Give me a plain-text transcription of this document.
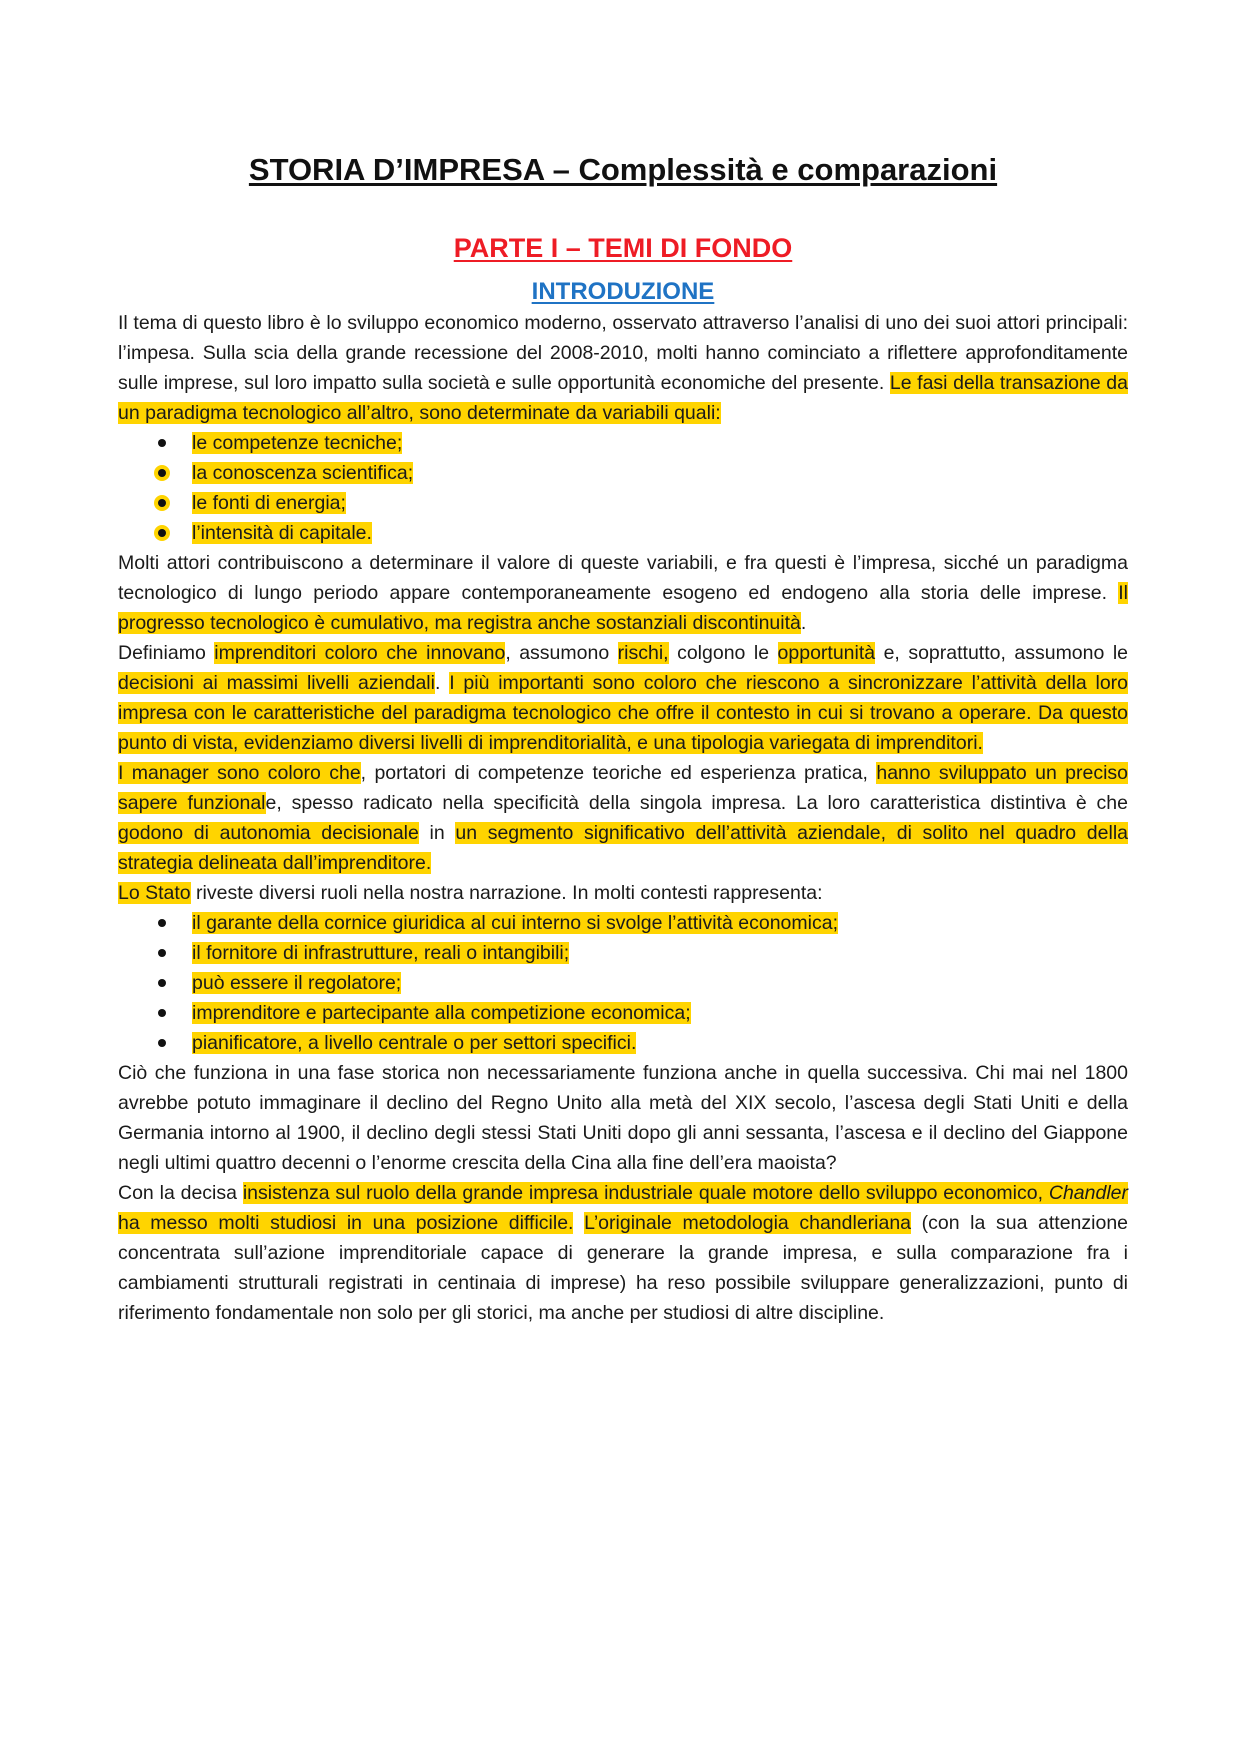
STORIA D’IMPRESA – Complessità e comparazioni
PARTE I – TEMI DI FONDO
INTRODUZIONE

Il tema di questo libro è lo sviluppo economico moderno, osservato attraverso l’analisi di uno dei suoi attori principali: l’impesa. Sulla scia della grande recessione del 2008-2010, molti hanno cominciato a riflettere approfonditamente sulle imprese, sul loro impatto sulla società e sulle opportunità economiche del presente. Le fasi della transazione da un paradigma tecnologico all’altro, sono determinate da variabili quali:

le competenze tecniche;
la conoscenza scientifica;
le fonti di energia;
l’intensità di capitale.

Molti attori contribuiscono a determinare il valore di queste variabili, e fra questi è l’impresa, sicché un paradigma tecnologico di lungo periodo appare contemporaneamente esogeno ed endogeno alla storia delle imprese. Il progresso tecnologico è cumulativo, ma registra anche sostanziali discontinuità.

Definiamo imprenditori coloro che innovano, assumono rischi, colgono le opportunità e, soprattutto, assumono le decisioni ai massimi livelli aziendali. I più importanti sono coloro che riescono a sincronizzare l’attività della loro impresa con le caratteristiche del paradigma tecnologico che offre il contesto in cui si trovano a operare. Da questo punto di vista, evidenziamo diversi livelli di imprenditorialità, e una tipologia variegata di imprenditori.

I manager sono coloro che, portatori di competenze teoriche ed esperienza pratica, hanno sviluppato un preciso sapere funzionale, spesso radicato nella specificità della singola impresa. La loro caratteristica distintiva è che godono di autonomia decisionale in un segmento significativo dell’attività aziendale, di solito nel quadro della strategia delineata dall’imprenditore.

Lo Stato riveste diversi ruoli nella nostra narrazione. In molti contesti rappresenta:

il garante della cornice giuridica al cui interno si svolge l’attività economica;
il fornitore di infrastrutture, reali o intangibili;
può essere il regolatore;
imprenditore e partecipante alla competizione economica;
pianificatore, a livello centrale o per settori specifici.

Ciò che funziona in una fase storica non necessariamente funziona anche in quella successiva. Chi mai nel 1800 avrebbe potuto immaginare il declino del Regno Unito alla metà del XIX secolo, l’ascesa degli Stati Uniti e della Germania intorno al 1900, il declino degli stessi Stati Uniti dopo gli anni sessanta, l’ascesa e il declino del Giappone negli ultimi quattro decenni o l’enorme crescita della Cina alla fine dell’era maoista?

Con la decisa insistenza sul ruolo della grande impresa industriale quale motore dello sviluppo economico, Chandler ha messo molti studiosi in una posizione difficile. L’originale metodologia chandleriana (con la sua attenzione concentrata sull’azione imprenditoriale capace di generare la grande impresa, e sulla comparazione fra i cambiamenti strutturali registrati in centinaia di imprese) ha reso possibile sviluppare generalizzazioni, punto di riferimento fondamentale non solo per gli storici, ma anche per studiosi di altre discipline.
